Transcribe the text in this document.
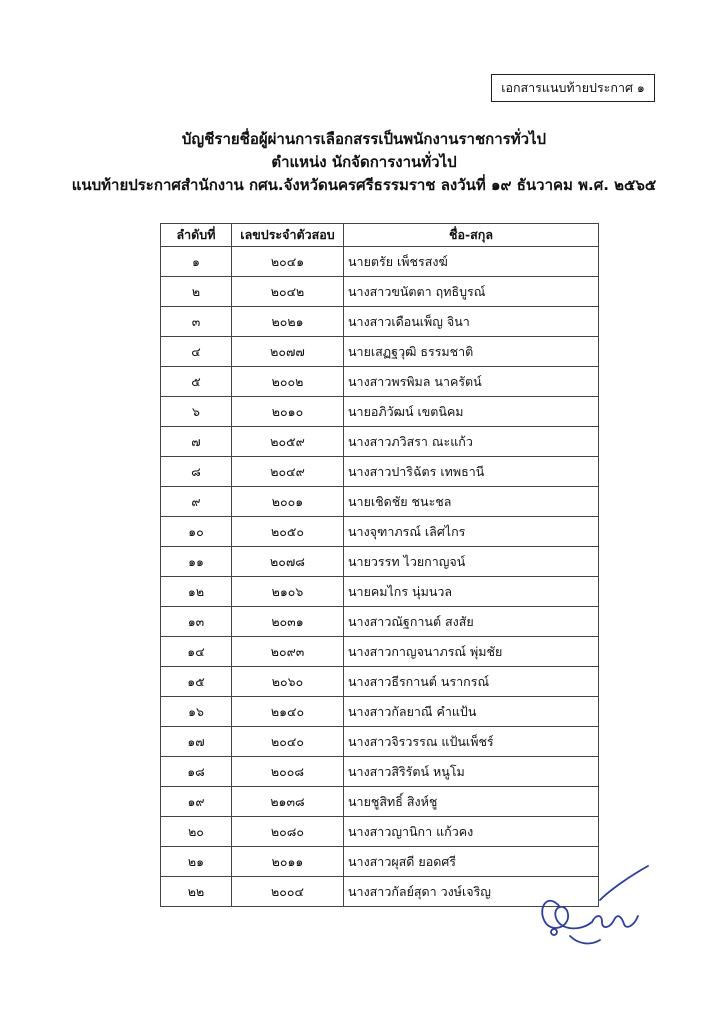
เอกสารแนบท้ายประกาศ ๑
บัญชีรายชื่อผู้ผ่านการเลือกสรรเป็นพนักงานราชการทั่วไป
ตำแหน่ง นักจัดการงานทั่วไป
แนบท้ายประกาศสำนักงาน กศน.จังหวัดนครศรีธรรมราช ลงวันที่ ๑๙ ธันวาคม พ.ศ. ๒๕๖๕
ลำดับที่	เลขประจำตัวสอบ	ชื่อ-สกุล
๑	๒๐๔๑	นายตรัย เพ็ชรสงฆ์
๒	๒๐๔๒	นางสาวขนัตตา ฤทธิบูรณ์
๓	๒๐๒๑	นางสาวเดือนเพ็ญ จินา
๔	๒๐๗๗	นายเสฏฐวุฒิ ธรรมชาติ
๕	๒๐๐๒	นางสาวพรพิมล นาครัตน์
๖	๒๐๑๐	นายอภิวัฒน์ เขตนิคม
๗	๒๐๕๙	นางสาวภวิสรา ณะแก้ว
๘	๒๐๔๙	นางสาวปาริฉัตร เทพธานี
๙	๒๐๐๑	นายเชิดชัย ชนะชล
๑๐	๒๐๕๐	นางจุฑาภรณ์ เลิศไกร
๑๑	๒๐๗๘	นายวรรท ไวยกาญจน์
๑๒	๒๑๐๖	นายคมไกร นุ่มนวล
๑๓	๒๐๓๑	นางสาวณัฐกานต์ สงสัย
๑๔	๒๐๙๓	นางสาวกาญจนาภรณ์ พุ่มชัย
๑๕	๒๐๖๐	นางสาวธีรกานต์ นรากรณ์
๑๖	๒๑๔๐	นางสาวกัลยาณี คำแป้น
๑๗	๒๐๔๐	นางสาวจิรวรรณ แป้นเพ็ชร์
๑๘	๒๐๐๘	นางสาวสิริรัตน์ หนูโม
๑๙	๒๑๓๘	นายชูสิทธิ์ สิงห์ชู
๒๐	๒๐๘๐	นางสาวญานิกา แก้วคง
๒๑	๒๐๑๑	นางสาวผุสดี ยอดศรี
๒๒	๒๐๐๔	นางสาวกัลย์สุดา วงษ์เจริญ
